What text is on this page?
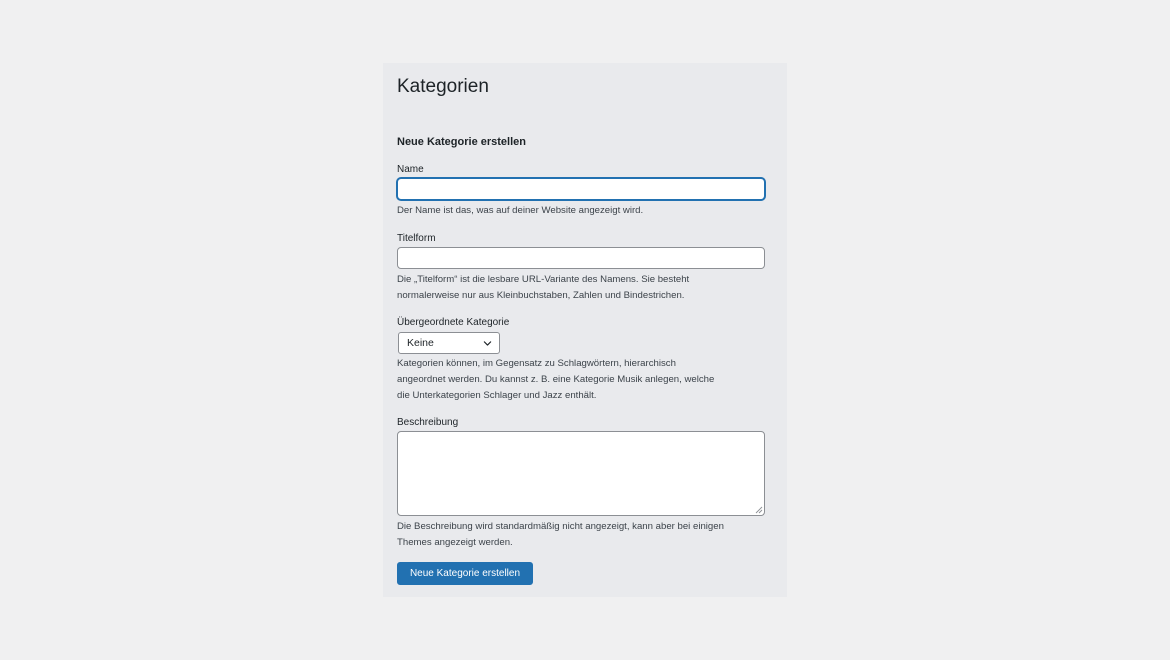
Kategorien
Neue Kategorie erstellen
Name
Der Name ist das, was auf deiner Website angezeigt wird.
Titelform
Die „Titelform“ ist die lesbare URL-Variante des Namens. Sie besteht
normalerweise nur aus Kleinbuchstaben, Zahlen und Bindestrichen.
Übergeordnete Kategorie
Keine
Kategorien können, im Gegensatz zu Schlagwörtern, hierarchisch
angeordnet werden. Du kannst z. B. eine Kategorie Musik anlegen, welche
die Unterkategorien Schlager und Jazz enthält.
Beschreibung
Die Beschreibung wird standardmäßig nicht angezeigt, kann aber bei einigen
Themes angezeigt werden.
Neue Kategorie erstellen
